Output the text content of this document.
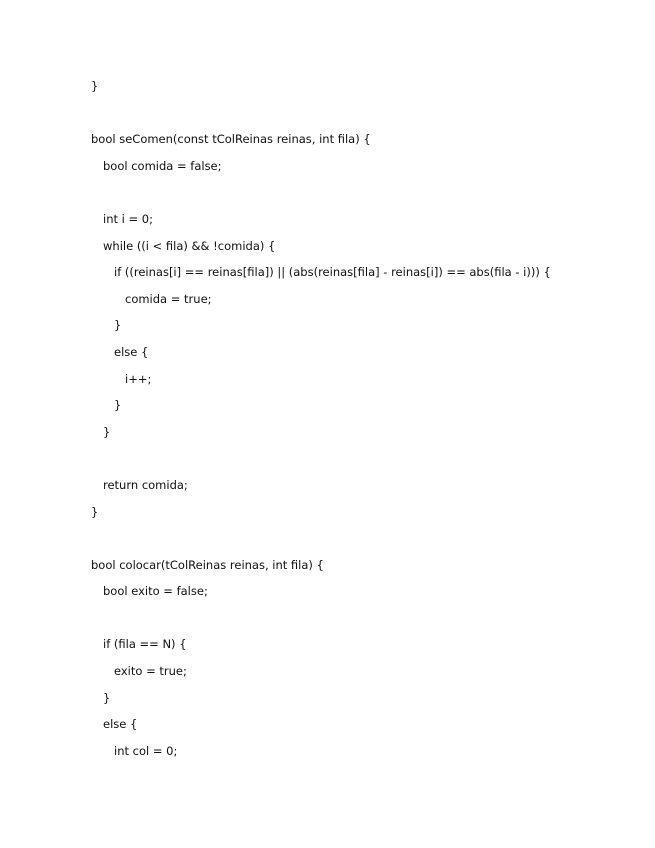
}
bool seComen(const tColReinas reinas, int fila) {
bool comida = false;
int i = 0;
while ((i < fila) && !comida) {
if ((reinas[i] == reinas[fila]) || (abs(reinas[fila] - reinas[i]) == abs(fila - i))) {
comida = true;
}
else {
i++;
}
}
return comida;
}
bool colocar(tColReinas reinas, int fila) {
bool exito = false;
if (fila == N) {
exito = true;
}
else {
int col = 0;
